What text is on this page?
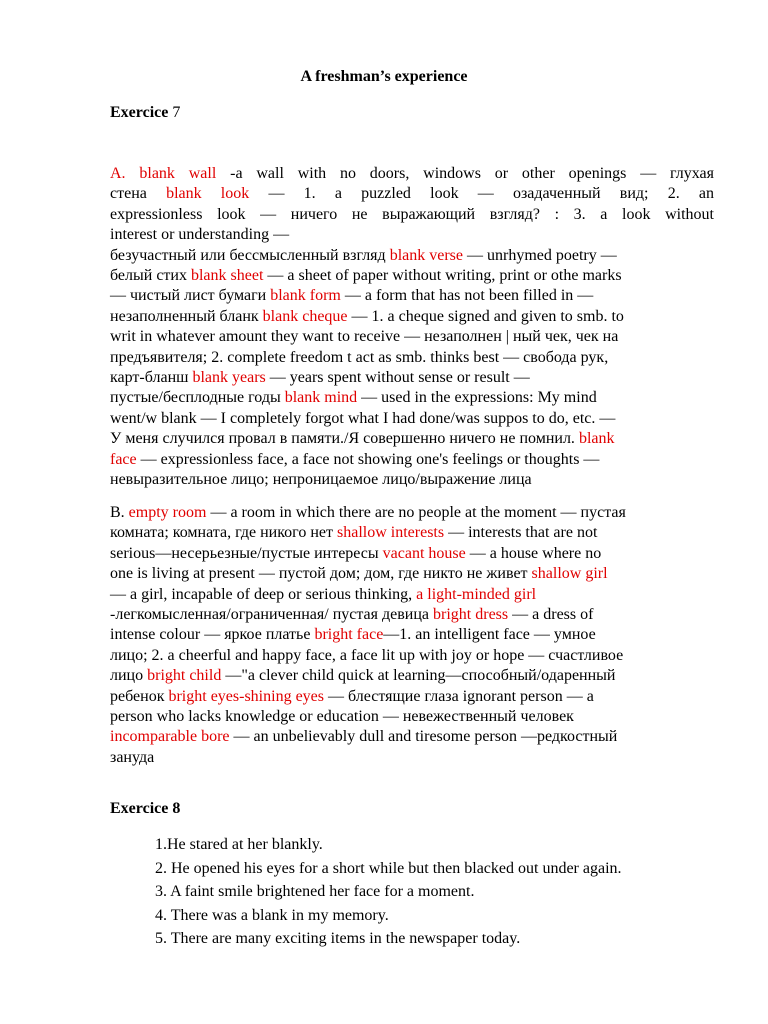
A freshman’s experience
Exercice 7
A. blank wall -a wall with no doors, windows or other openings — глухая
стена blank look — 1. a puzzled look — озадаченный вид; 2. an
expressionless look — ничего не выражающий взгляд? : 3. a look without
interest or understanding —
безучастный или бессмысленный взгляд blank verse — unrhymed poetry —
белый стих blank sheet — a sheet of paper without writing, print or othe marks
— чистый лист бумаги blank form — a form that has not been filled in —
незаполненный бланк blank cheque — 1. a cheque signed and given to smb. to
writ in whatever amount they want to receive — незаполнен | ный чек, чек на
предъявителя; 2. complete freedom t act as smb. thinks best — свобода рук,
карт-бланш blank years — years spent without sense or result —
пустые/бесплодные годы blank mind — used in the expressions: My mind
went/w blank — I completely forgot what I had done/was suppos to do, etc. —
У меня случился провал в памяти./Я совершенно ничего не помнил. blank
face — expressionless face, a face not showing one's feelings or thoughts —
невыразительное лицо; непроницаемое лицо/выражение лица
B. empty room — a room in which there are no people at the moment — пустая
комната; комната, где никого нет shallow interests — interests that are not
serious—несерьезные/пустые интересы vacant house — a house where no
one is living at present — пустой дом; дом, где никто не живет shallow girl
— a girl, incapable of deep or serious thinking, a light-minded girl
-легкомысленная/ограниченная/ пустая девица bright dress — a dress of
intense colour — яркое платье bright face—1. an intelligent face — умное
лицо; 2. a cheerful and happy face, a face lit up with joy or hope — счастливое
лицо bright child —"a clever child quick at learning—способный/одаренный
ребенок bright eyes-shining eyes — блестящие глаза ignorant person — a
person who lacks knowledge or education — невежественный человек
incomparable bore — an unbelievably dull and tiresome person —редкостный
зануда
Exercice 8
1.He stared at her blankly.
2. He opened his eyes for a short while but then blacked out under again.
3. A faint smile brightened her face for a moment.
4. There was a blank in my memory.
5. There are many exciting items in the newspaper today.
